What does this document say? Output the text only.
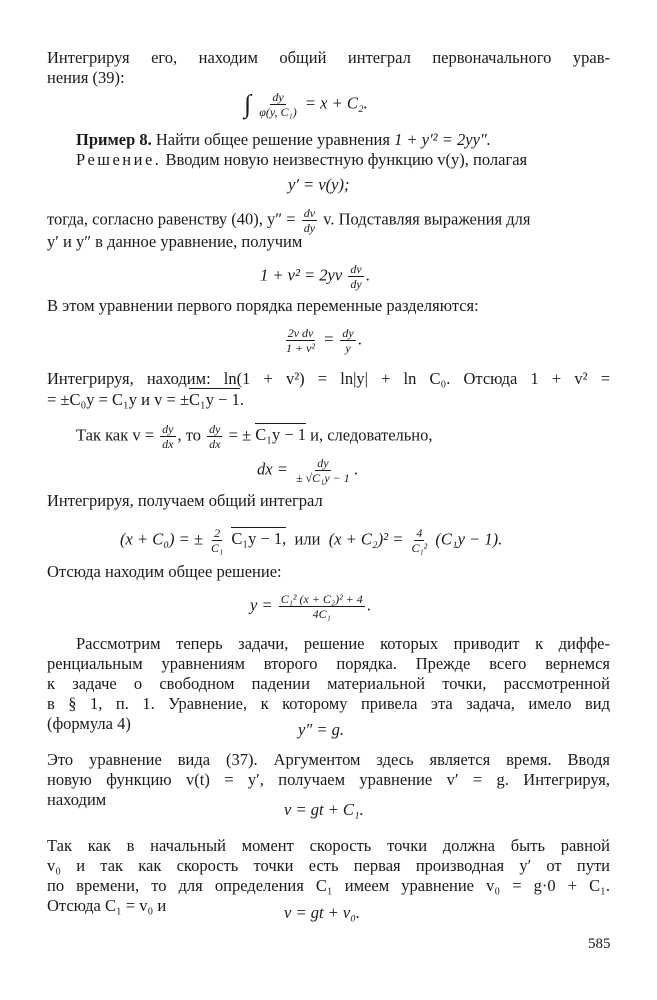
Интегрируя его, находим общий интеграл первоначального урав-
нения (39):
∫ $\frac{dy}{\text{φ(y, C₁)}} = x + C_2$.
Пример 8. Найти общее решение уравнения 1 + y′² = 2yy″.
Решение. Вводим новую неизвестную функцию v(y), полагая
y′ = v(y);
тогда, согласно равенству (40), $y'' = \frac{dv}{dy} v$. Подставляя выражения для
y′ и y″ в данное уравнение, получим
$1 + v^2 = 2yv \frac{dv}{dy}$ .
В этом уравнении первого порядка переменные разделяются:
$\frac{\text{2v dv}}{\text{1 + v²}} = \frac{dy}{y}$ .
Интегрируя, находим: ln(1 + v²) = ln|y| + ln C₀. Отсюда 1 + v² =
= ±C₀y = C₁y и v = ±C₁y − 1.
Так как $v = \frac{dy}{dx}$ , то $\frac{dy}{dx}$ = ± C₁y − 1 и, следовательно,
dx = $\frac{dy}{\text{± √C₁y − 1}}$ .
Интегрируя, получаем общий интеграл
(x + C₀) = ± $\frac{2}{\text{C₁}} C_1y - 1$, или $(x + C_2)^2 = \frac{4}{\text{C₁²}} (C_1y - 1)$.
Отсюда находим общее решение:
$y = \frac{\text{C₁² (x + C₂)² + 4}}{\text{4C₁}}$ .
Рассмотрим теперь задачи, решение которых приводит к диффе-
ренциальным уравнениям второго порядка. Прежде всего вернемся
к задаче о свободном падении материальной точки, рассмотренной
в § 1, п. 1. Уравнение, к которому привела эта задача, имело вид
(формула 4)	y″ = g.
Это уравнение вида (37). Аргументом здесь является время. Вводя
новую функцию v(t) = y′, получаем уравнение v′ = g. Интегрируя,
находим
v = gt + C₁.
Так как в начальный момент скорость точки должна быть равной
v₀ и так как скорость точки есть первая производная y′ от пути
по времени, то для определения C₁ имеем уравнение v₀ = g·0 + C₁.
Отсюда C₁ = v₀ и	v = gt + v₀.
585
